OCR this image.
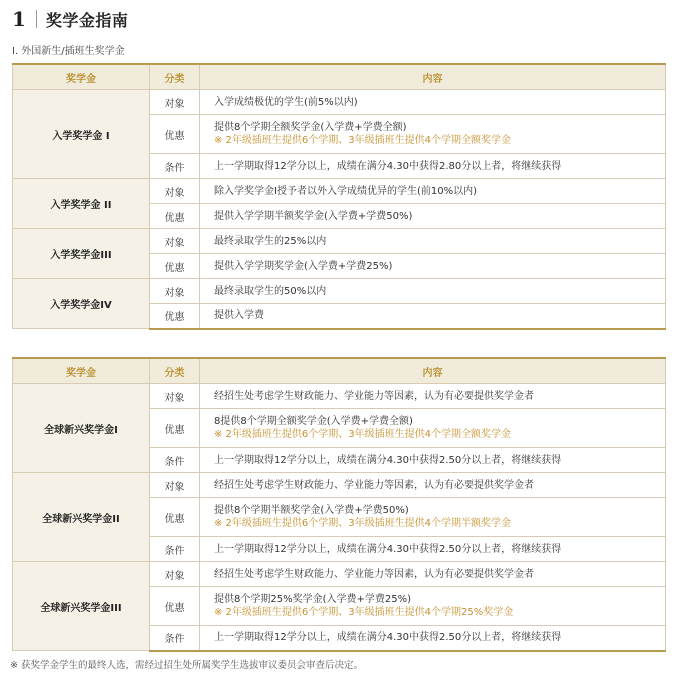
1 奖学金指南
I. 外国新生/插班生奖学金
奖学金	分类	内容
入学奖学金 I	对象	入学成绩极优的学生(前5%以内)

	优惠	提供8个学期全额奖学金(入学费+学费全额)
※ 2年级插班生提供6个学期、3年级插班生提供4个学期全额奖学金

	条件	上一学期取得12学分以上，成绩在满分4.30中获得2.80分以上者，将继续获得

入学奖学金 II	对象	除入学奖学金I授予者以外入学成绩优异的学生(前10%以内)

	优惠	提供入学学期半额奖学金(入学费+学费50%)

入学奖学金III	对象	最终录取学生的25%以内

	优惠	提供入学学期奖学金(入学费+学费25%)

入学奖学金IV	对象	最终录取学生的50%以内

	优惠	提供入学费
奖学金	分类	内容
全球新兴奖学金I	对象	经招生处考虑学生财政能力、学业能力等因素，认为有必要提供奖学金者

	优惠	8提供8个学期全额奖学金(入学费+学费全额)
※ 2年级插班生提供6个学期、3年级插班生提供4个学期全额奖学金

	条件	上一学期取得12学分以上，成绩在满分4.30中获得2.50分以上者，将继续获得

全球新兴奖学金II	对象	经招生处考虑学生财政能力、学业能力等因素，认为有必要提供奖学金者

	优惠	提供8个学期半额奖学金(入学费+学费50%)
※ 2年级插班生提供6个学期、3年级插班生提供4个学期半额奖学金

	条件	上一学期取得12学分以上，成绩在满分4.30中获得2.50分以上者，将继续获得

全球新兴奖学金III	对象	经招生处考虑学生财政能力、学业能力等因素，认为有必要提供奖学金者

	优惠	提供8个学期25%奖学金(入学费+学费25%)
※ 2年级插班生提供6个学期、3年级插班生提供4个学期25%奖学金

	条件	上一学期取得12学分以上，成绩在满分4.30中获得2.50分以上者，将继续获得
※ 获奖学金学生的最终人选，需经过招生处所属奖学生选拔审议委员会审查后决定。
